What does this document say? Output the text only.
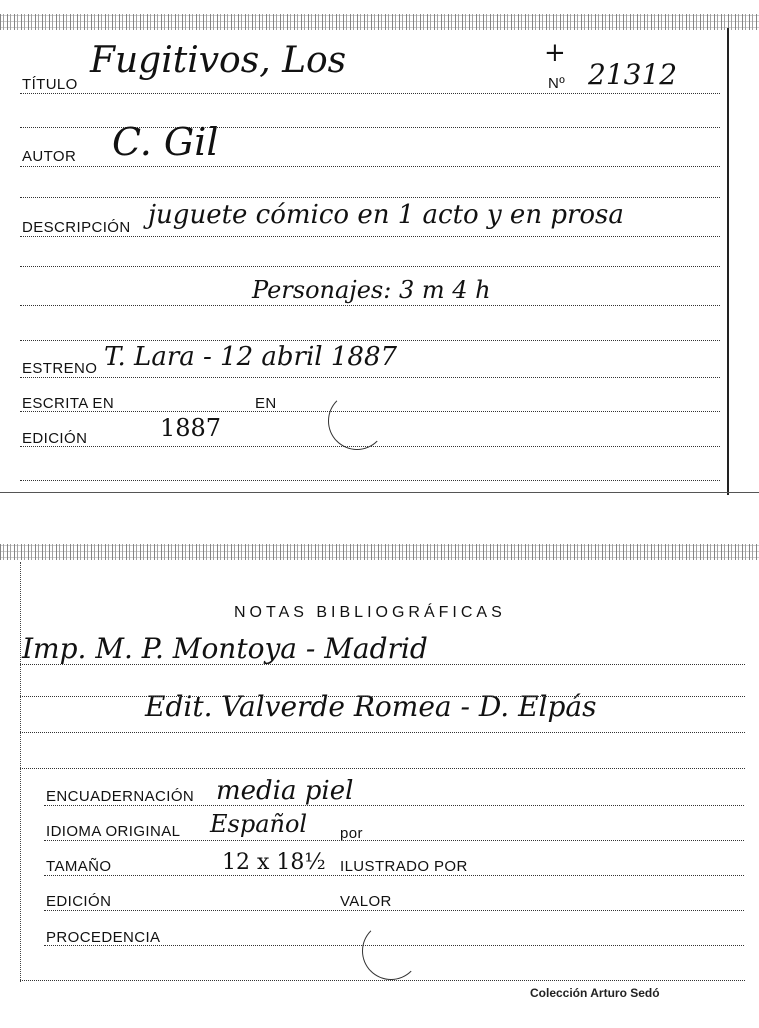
TÍTULO
Fugitivos, Los	+
Nº 21312
AUTOR C. Gil
DESCRIPCIÓN juguete cómico en 1 acto y en prosa
Personajes: 3 m 4 h
ESTRENO T. Lara - 12 abril 1887
ESCRITA EN	EN
EDICIÓN	1887
NOTAS BIBLIOGRÁFICAS
Imp. M. P. Montoya - Madrid
Edit. Valverde Romea - D. Elpás
ENCUADERNACIÓN media piel
IDIOMA ORIGINAL Español por
TAMAÑO	12 x 18½ ILUSTRADO POR
EDICIÓN	VALOR
PROCEDENCIA
Colección Arturo Sedó
